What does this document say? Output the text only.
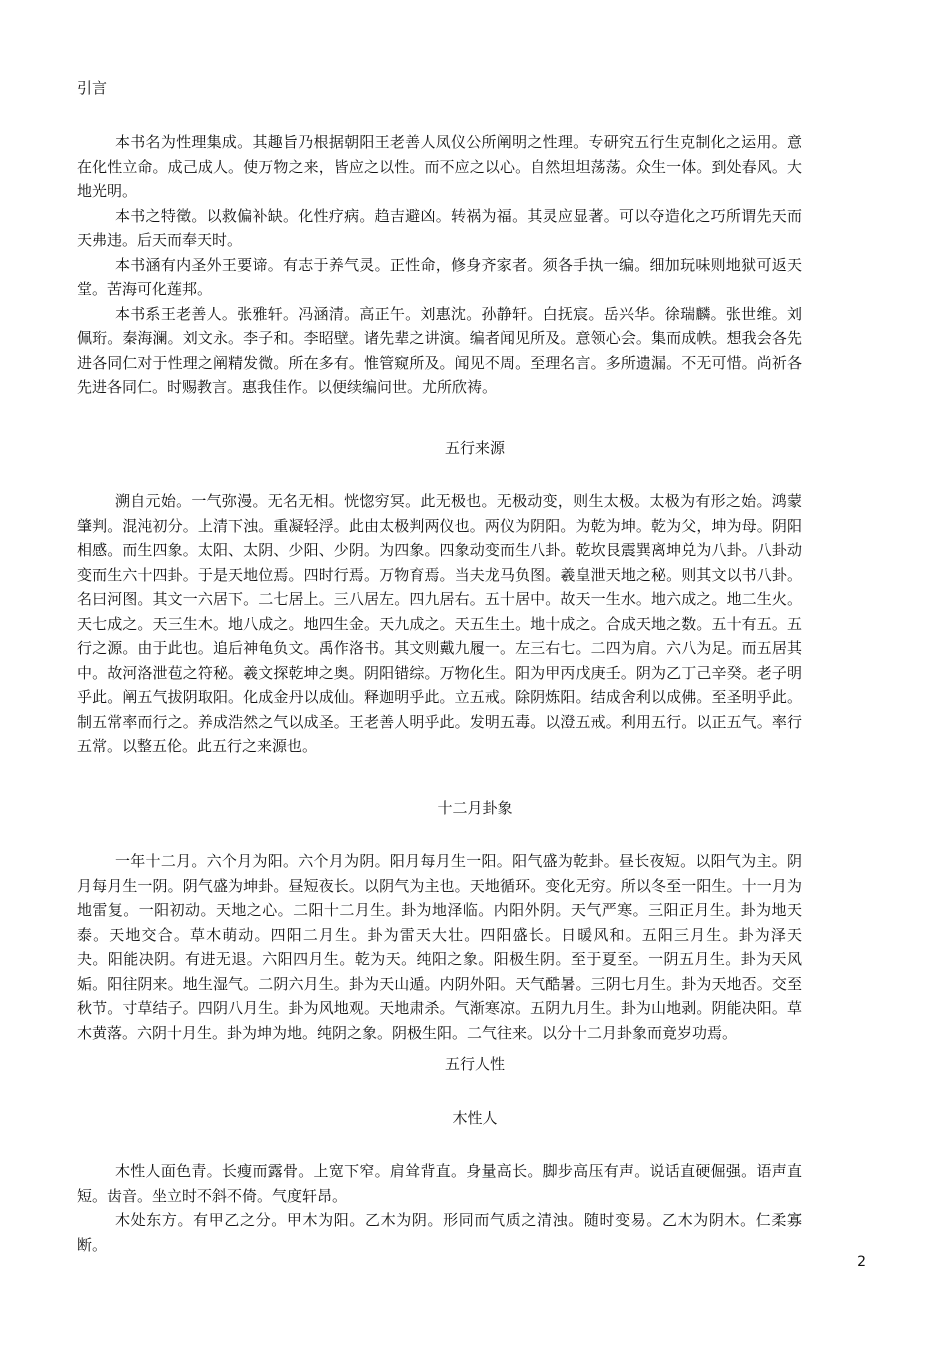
引言

本书名为性理集成。其趣旨乃根据朝阳王老善人凤仪公所阐明之性理。专研究五行生克制化之运用。意在化性立命。成己成人。使万物之来，皆应之以性。而不应之以心。自然坦坦荡荡。众生一体。到处春风。大地光明。

本书之特徵。以救偏补缺。化性疗病。趋吉避凶。转祸为福。其灵应显著。可以夺造化之巧所谓先天而天弗违。后天而奉天时。

本书涵有内圣外王要谛。有志于养气灵。正性命，修身齐家者。须各手执一编。细加玩味则地狱可返天堂。苦海可化莲邦。

本书系王老善人。张雅轩。冯涵清。高正午。刘惠沈。孙静轩。白抚宸。岳兴华。徐瑞麟。张世维。刘佩珩。秦海澜。刘文永。李子和。李昭壁。诸先辈之讲演。编者闻见所及。意领心会。集而成帙。想我会各先进各同仁对于性理之阐精发微。所在多有。惟管窥所及。闻见不周。至理名言。多所遗漏。不无可惜。尚祈各先进各同仁。时赐教言。惠我佳作。以便续编问世。尤所欣祷。

五行来源

溯自元始。一气弥漫。无名无相。恍惚穷冥。此无极也。无极动变，则生太极。太极为有形之始。鸿蒙肇判。混沌初分。上清下浊。重凝轻浮。此由太极判两仪也。两仪为阴阳。为乾为坤。乾为父，坤为母。阴阳相感。而生四象。太阳、太阴、少阳、少阴。为四象。四象动变而生八卦。乾坎艮震巽离坤兑为八卦。八卦动变而生六十四卦。于是天地位焉。四时行焉。万物育焉。当夫龙马负图。羲皇泄天地之秘。则其文以书八卦。名曰河图。其文一六居下。二七居上。三八居左。四九居右。五十居中。故天一生水。地六成之。地二生火。天七成之。天三生木。地八成之。地四生金。天九成之。天五生土。地十成之。合成天地之数。五十有五。五行之源。由于此也。追后神龟负文。禹作洛书。其文则戴九履一。左三右七。二四为肩。六八为足。而五居其中。故河洛泄苞之符秘。羲文探乾坤之奥。阴阳错综。万物化生。阳为甲丙戊庚壬。阴为乙丁己辛癸。老子明乎此。阐五气拔阴取阳。化成金丹以成仙。释迦明乎此。立五戒。除阴炼阳。结成舍利以成佛。至圣明乎此。制五常率而行之。养成浩然之气以成圣。王老善人明乎此。发明五毒。以澄五戒。利用五行。以正五气。率行五常。以整五伦。此五行之来源也。

十二月卦象

一年十二月。六个月为阳。六个月为阴。阳月每月生一阳。阳气盛为乾卦。昼长夜短。以阳气为主。阴月每月生一阴。阴气盛为坤卦。昼短夜长。以阴气为主也。天地循环。变化无穷。所以冬至一阳生。十一月为地雷复。一阳初动。天地之心。二阳十二月生。卦为地泽临。内阳外阴。天气严寒。三阳正月生。卦为地天泰。天地交合。草木萌动。四阳二月生。卦为雷天大壮。四阳盛长。日暖风和。五阳三月生。卦为泽天　　　　夬。阳能决阴。有进无退。六阳四月生。乾为天。纯阳之象。阳极生阴。至于夏至。一阴五月生。卦为天风姤。阳往阴来。地生湿气。二阴六月生。卦为天山遁。内阴外阳。天气酷暑。三阴七月生。卦为天地否。交至秋节。寸草结子。四阴八月生。卦为风地观。天地肃杀。气渐寒凉。五阴九月生。卦为山地剥。阴能决阳。草木黄落。六阴十月生。卦为坤为地。纯阴之象。阴极生阳。二气往来。以分十二月卦象而竟岁功焉。

五行人性
木性人

木性人面色青。长瘦而露骨。上宽下窄。肩耸背直。身量高长。脚步高压有声。说话直硬倔强。语声直短。齿音。坐立时不斜不倚。气度轩昂。

木处东方。有甲乙之分。甲木为阳。乙木为阴。形同而气质之清浊。随时变易。乙木为阴木。仁柔寡断。

2
